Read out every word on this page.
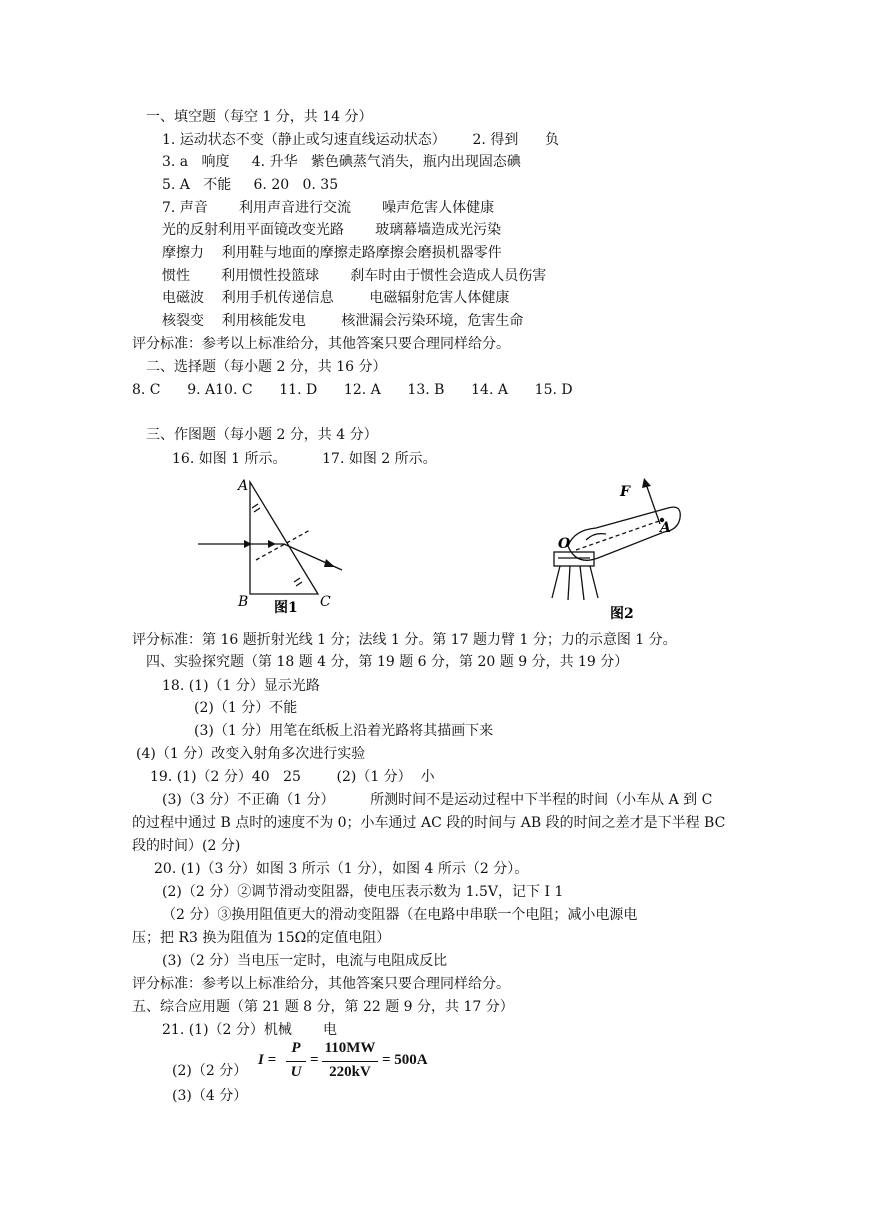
一、填空题（每空 1 分，共 14 分）
1. 运动状态不变（静止或匀速直线运动状态）      2. 得到      负
3. a   响度     4. 升华   紫色碘蒸气消失，瓶内出现固态碘
5. A   不能     6. 20   0. 35
7. 声音       利用声音进行交流       噪声危害人体健康
光的反射利用平面镜改变光路       玻璃幕墙造成光污染
摩擦力    利用鞋与地面的摩擦走路摩擦会磨损机器零件
惯性       利用惯性投篮球       刹车时由于惯性会造成人员伤害
电磁波    利用手机传递信息        电磁辐射危害人体健康
核裂变    利用核能发电        核泄漏会污染环境，危害生命
评分标准：参考以上标准给分，其他答案只要合理同样给分。
二、选择题（每小题 2 分，共 16 分）
8. C      9. A10. C      11. D      12. A      13. B      14. A      15. D
三、作图题（每小题 2 分，共 4 分）
16. 如图 1 所示。        17. 如图 2 所示。
A
B	C
图1
F
O
A
图2
评分标准：第 16 题折射光线 1 分；法线 1 分。第 17 题力臂 1 分；力的示意图 1 分。
四、实验探究题（第 18 题 4 分，第 19 题 6 分，第 20 题 9 分，共 19 分）
18. (1)（1 分）显示光路
(2)（1 分）不能
(3)（1 分）用笔在纸板上沿着光路将其描画下来
(4)（1 分）改变入射角多次进行实验
19. (1)（2 分）40   25        (2)（1 分）  小
(3)（3 分）不正确（1 分）        所测时间不是运动过程中下半程的时间（小车从 A 到 C
的过程中通过 B 点时的速度不为 0；小车通过 AC 段的时间与 AB 段的时间之差才是下半程 BC
段的时间）(2 分)
20. (1)（3 分）如图 3 所示（1 分），如图 4 所示（2 分）。
(2)（2 分）②调节滑动变阻器，使电压表示数为 1.5V，记下 I 1
（2 分）③换用阻值更大的滑动变阻器（在电路中串联一个电阻；减小电源电
压；把 R3 换为阻值为 15Ω的定值电阻）
(3)（2 分）当电压一定时，电流与电阻成反比
评分标准：参考以上标准给分，其他答案只要合理同样给分。
五、综合应用题（第 21 题 8 分，第 22 题 9 分，共 17 分）
21. (1)（2 分）机械       电
(2)（2 分）
I =
P
U
=
110MW
220kV
= 500A
(3)（4 分）
